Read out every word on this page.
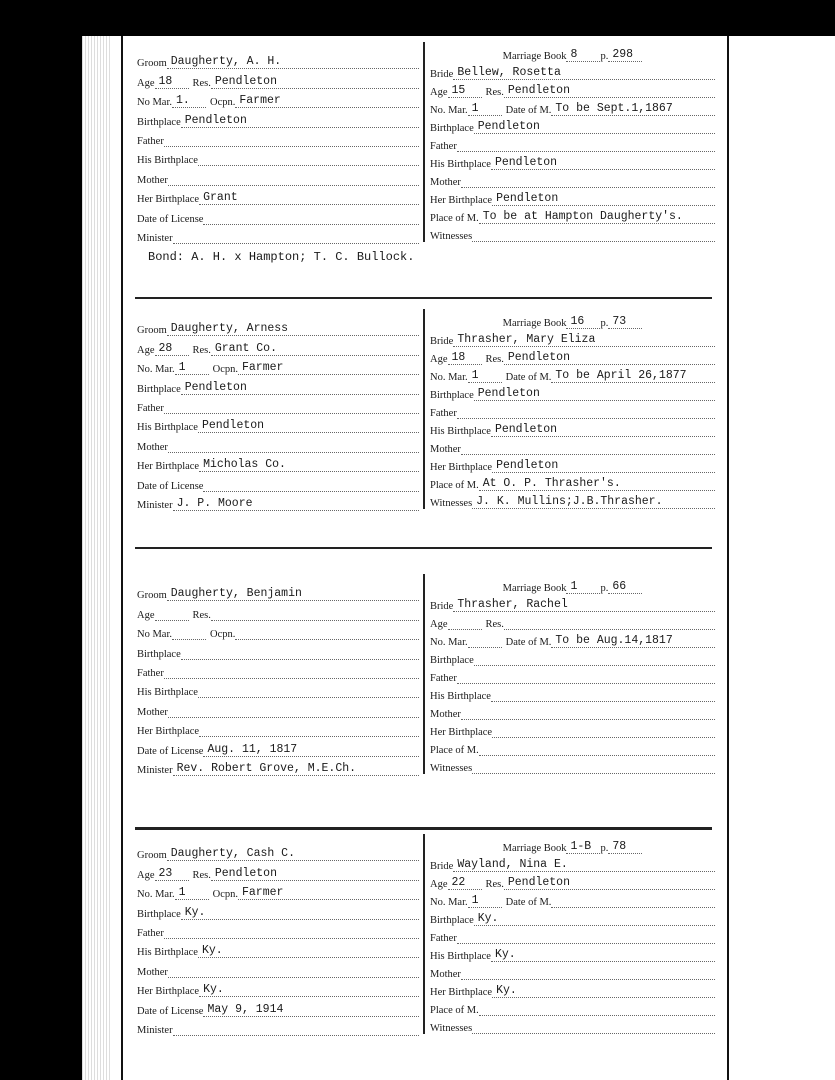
Bond: A. H. x Hampton; T. C. Bullock.
Groom Daugherty, A. H.
Age 18	Res. Pendleton
No Mar. 1.	Ocpn. Farmer
Birthplace Pendleton
Father
His Birthplace
Mother
Her Birthplace Grant
Date of License
Minister
Marriage Book 8	p. 298
Bride Bellew, Rosetta
Age 15	Res. Pendleton
No. Mar. 1	Date of M. To be Sept.1,1867
Birthplace Pendleton
Father
His Birthplace Pendleton
Mother
Her Birthplace Pendleton
Place of M. To be at Hampton Daugherty's.
Witnesses
Groom Daugherty, Arness
Age 28	Res. Grant Co.
No. Mar. 1	Ocpn. Farmer
Birthplace Pendleton
Father
His Birthplace Pendleton
Mother
Her Birthplace Micholas Co.
Date of License
Minister J. P. Moore
Marriage Book 16	p. 73
Bride Thrasher, Mary Eliza
Age 18	Res. Pendleton
No. Mar. 1	Date of M. To be April 26,1877
Birthplace Pendleton
Father
His Birthplace Pendleton
Mother
Her Birthplace Pendleton
Place of M. At O. P. Thrasher's.
Witnesses J. K. Mullins;J.B.Thrasher.
Groom Daugherty, Benjamin
Age	Res.
No Mar.	Ocpn.
Birthplace
Father
His Birthplace
Mother
Her Birthplace
Date of License Aug. 11, 1817
Minister Rev. Robert Grove, M.E.Ch.
Marriage Book 1	p. 66
Bride Thrasher, Rachel
Age	Res.
No. Mar.	Date of M. To be Aug.14,1817
Birthplace
Father
His Birthplace
Mother
Her Birthplace
Place of M.
Witnesses
Groom Daugherty, Cash C.
Age 23	Res. Pendleton
No. Mar. 1	Ocpn. Farmer
Birthplace Ky.
Father
His Birthplace Ky.
Mother
Her Birthplace Ky.
Date of License May 9, 1914
Minister
Marriage Book 1-B p. 78
Bride Wayland, Nina E.
Age 22	Res. Pendleton
No. Mar. 1	Date of M.
Birthplace Ky.
Father
His Birthplace Ky.
Mother
Her Birthplace Ky.
Place of M.
Witnesses
